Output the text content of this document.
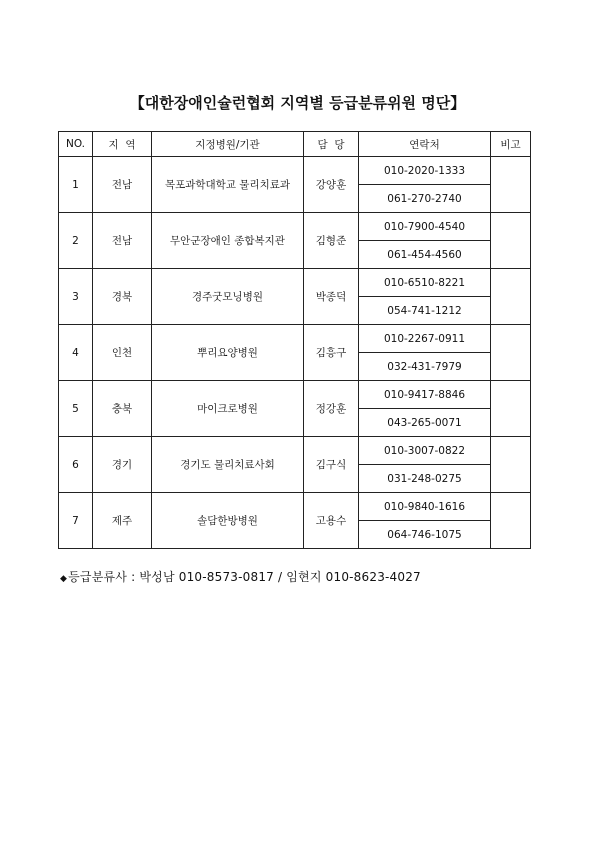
【대한장애인슐런협회 지역별 등급분류위원 명단】
NO.	지  역	지정병원/기관	담  당	연락처	비고
1	전남	목포과학대학교 물리치료과	강양훈	010-2020-1333	
				061-270-2740	
2	전남	무안군장애인 종합복지관	김형준	010-7900-4540	
				061-454-4560	
3	경북	경주굿모닝병원	박종덕	010-6510-8221	
				054-741-1212	
4	인천	뿌리요양병원	김흥구	010-2267-0911	
				032-431-7979	
5	충북	마이크로병원	정강훈	010-9417-8846	
				043-265-0071	
6	경기	경기도 물리치료사회	김구식	010-3007-0822	
				031-248-0275	
7	제주	솔담한방병원	고용수	010-9840-1616	
				064-746-1075	
◆등급분류사 : 박성남 010-8573-0817 / 임현지 010-8623-4027
